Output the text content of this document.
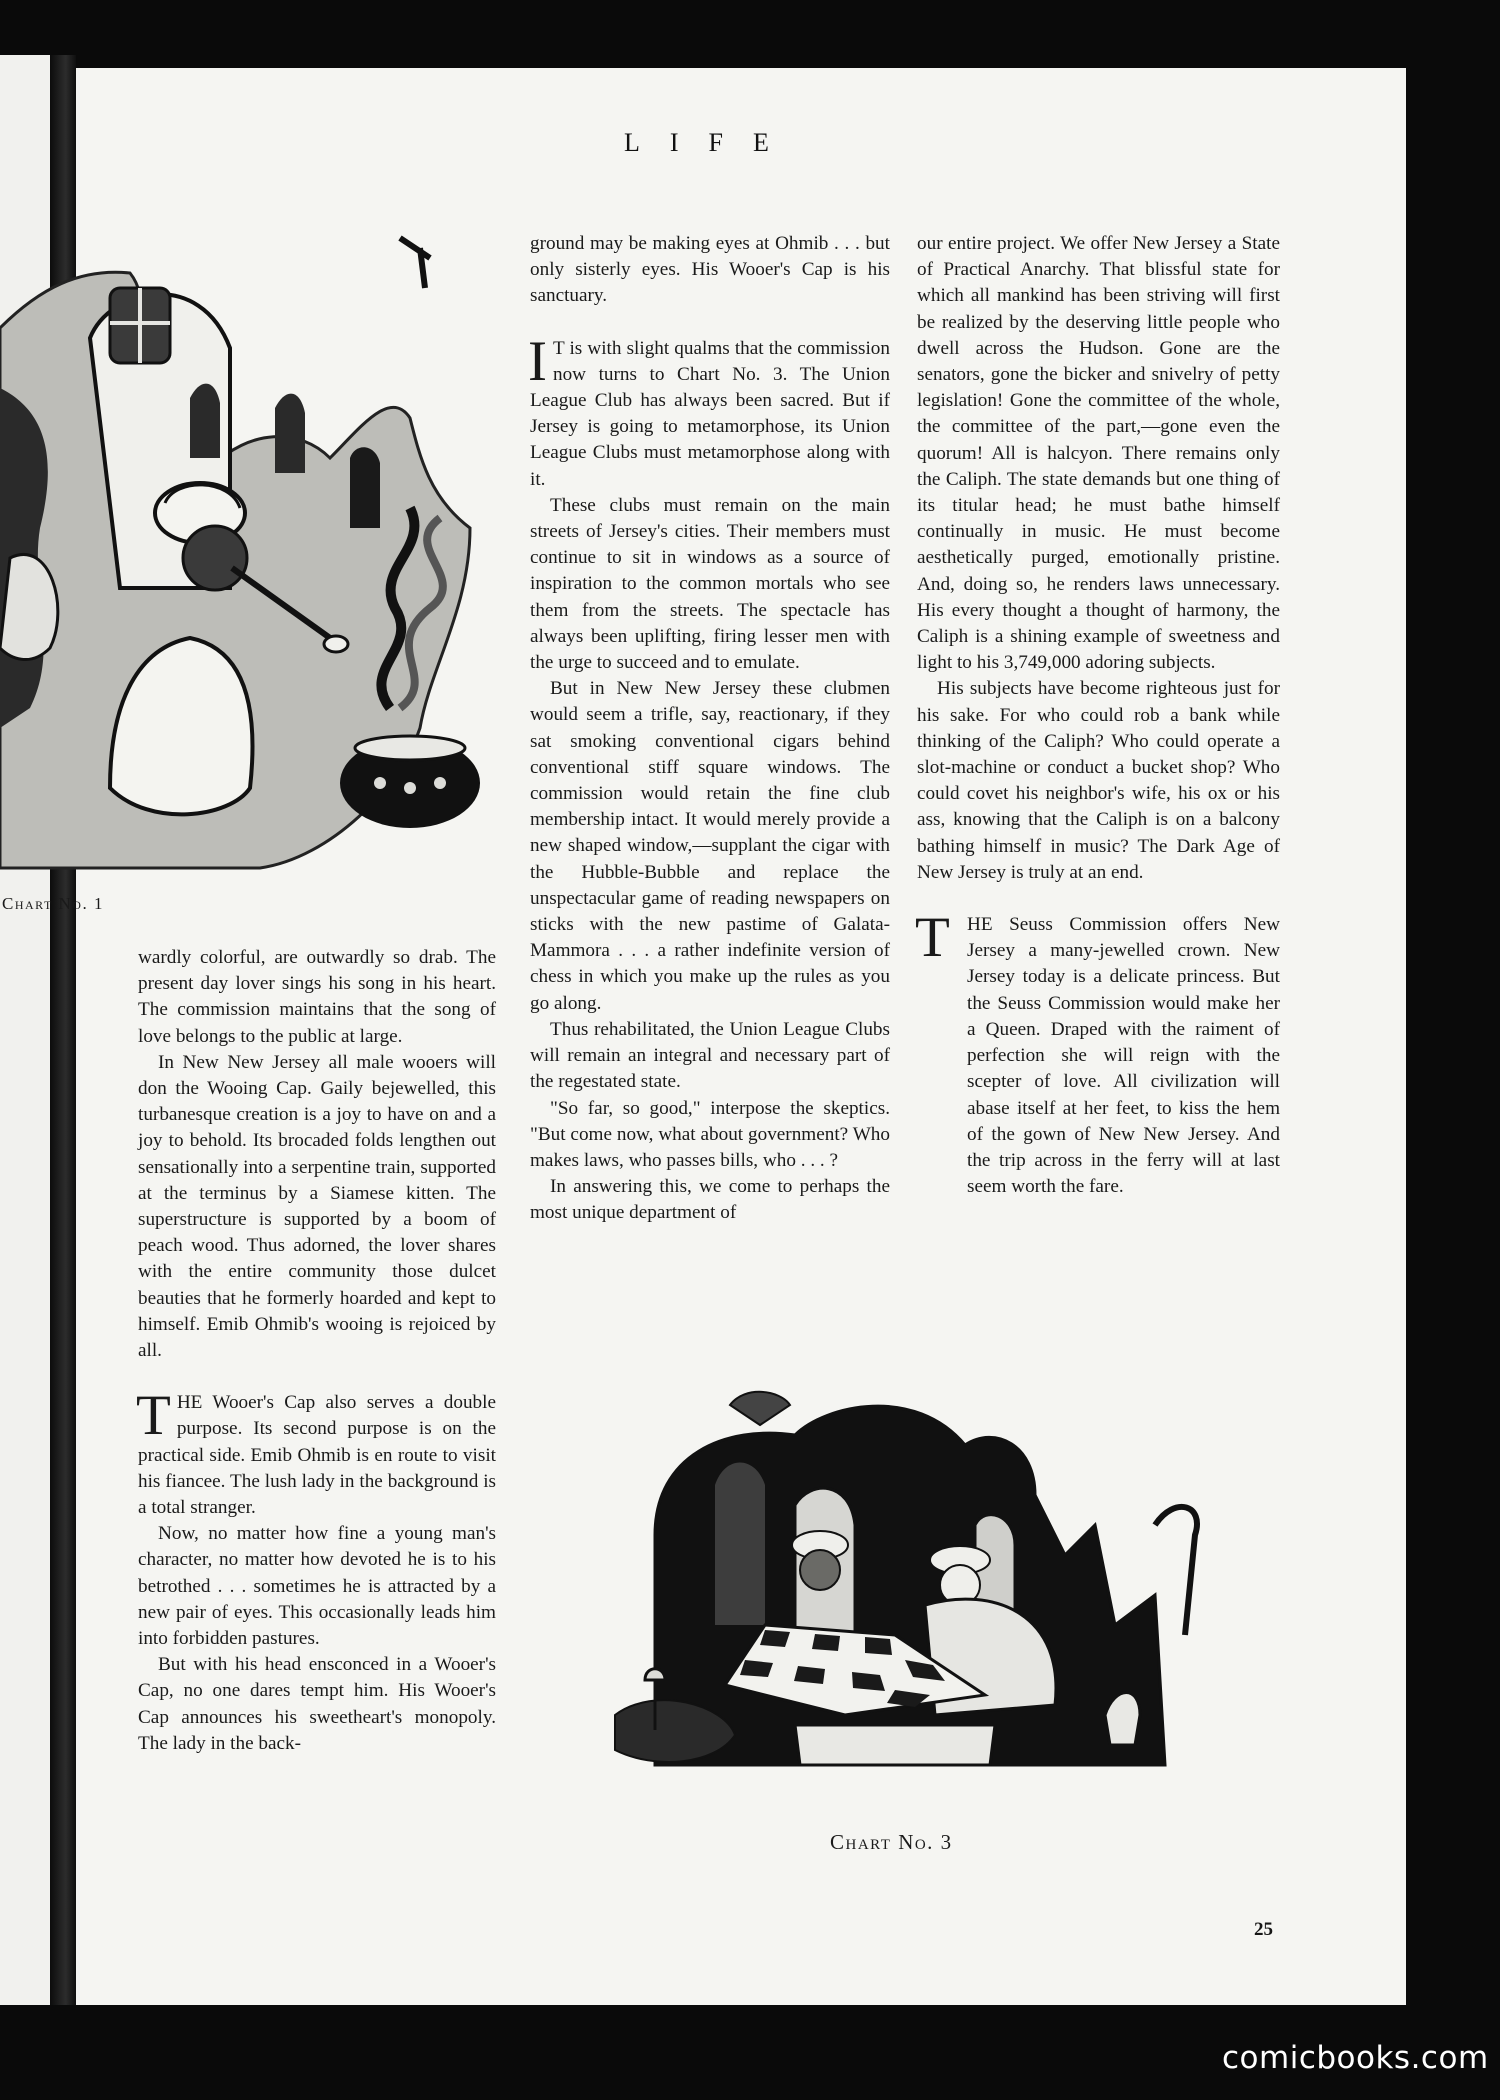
LIFE
Chart No. 1

wardly colorful, are outwardly so drab. The present day lover sings his song in his heart. The commission maintains that the song of love belongs to the public at large.

In New New Jersey all male wooers will don the Wooing Cap. Gaily bejewelled, this turbanesque creation is a joy to have on and a joy to behold. Its brocaded folds lengthen out sensationally into a serpentine train, supported at the terminus by a Siamese kitten. The superstructure is supported by a boom of peach wood. Thus adorned, the lover shares with the entire community those dulcet beauties that he formerly hoarded and kept to himself. Emib Ohmib's wooing is rejoiced by all.

THE Wooer's Cap also serves a double purpose. Its second purpose is on the practical side. Emib Ohmib is en route to visit his fiancee. The lush lady in the background is a total stranger.

Now, no matter how fine a young man's character, no matter how devoted he is to his betrothed . . . sometimes he is attracted by a new pair of eyes. This occasionally leads him into forbidden pastures.

But with his head ensconced in a Wooer's Cap, no one dares tempt him. His Wooer's Cap announces his sweetheart's monopoly. The lady in the back-

ground may be making eyes at Ohmib . . . but only sisterly eyes. His Wooer's Cap is his sanctuary.

I T is with slight qualms that the commission now turns to Chart No. 3. The Union League Club has always been sacred. But if Jersey is going to metamorphose, its Union League Clubs must metamorphose along with it.

These clubs must remain on the main streets of Jersey's cities. Their members must continue to sit in windows as a source of inspiration to the common mortals who see them from the streets. The spectacle has always been uplifting, firing lesser men with the urge to succeed and to emulate.

But in New New Jersey these clubmen would seem a trifle, say, reactionary, if they sat smoking conventional cigars behind conventional stiff square windows. The commission would retain the fine club membership intact. It would merely provide a new shaped window,—supplant the cigar with the Hubble-Bubble and replace the unspectacular game of reading newspapers on sticks with the new pastime of Galata-Mammora . . . a rather indefinite version of chess in which you make up the rules as you go along.

Thus rehabilitated, the Union League Clubs will remain an integral and necessary part of the regestated state.

"So far, so good," interpose the skeptics. "But come now, what about government? Who makes laws, who passes bills, who . . . ?

In answering this, we come to perhaps the most unique department of

our entire project. We offer New Jersey a State of Practical Anarchy. That blissful state for which all mankind has been striving will first be realized by the deserving little people who dwell across the Hudson. Gone are the senators, gone the bicker and snivelry of petty legislation! Gone the committee of the whole, the committee of the part,—gone even the quorum! All is halcyon. There remains only the Caliph. The state demands but one thing of its titular head; he must bathe himself continually in music. He must become aesthetically purged, emotionally pristine. And, doing so, he renders laws unnecessary. His every thought a thought of harmony, the Caliph is a shining example of sweetness and light to his 3,749,000 adoring subjects.

His subjects have become righteous just for his sake. For who could rob a bank while thinking of the Caliph? Who could operate a slot-machine or conduct a bucket shop? Who could covet his neighbor's wife, his ox or his ass, knowing that the Caliph is on a balcony bathing himself in music? The Dark Age of New Jersey is truly at an end.

THE Seuss Commission offers New Jersey a many-jewelled crown. New Jersey today is a delicate princess. But the Seuss Commission would make her a Queen. Draped with the raiment of perfection she will reign with the scepter of love. All civilization will abase itself at her feet, to kiss the hem of the gown of New New Jersey. And the trip across in the ferry will at last seem worth the fare.

Chart No. 3
25
comicbooks.com
